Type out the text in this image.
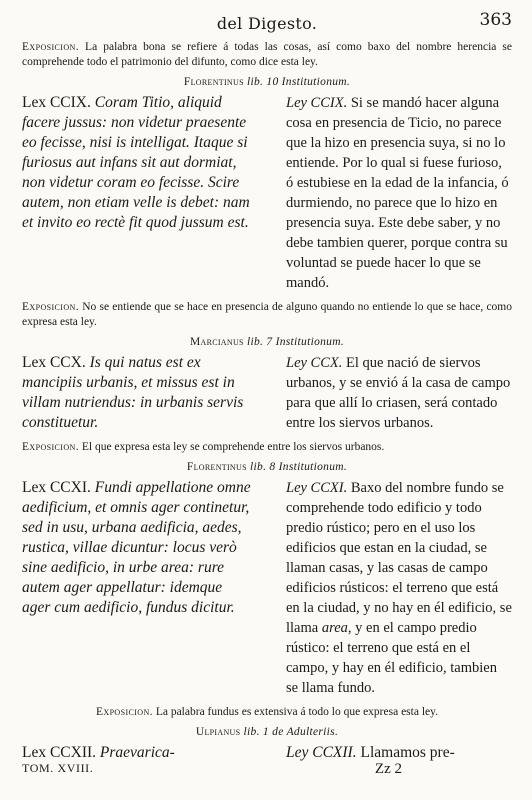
del Digesto.	363

Exposicion. La palabra bona se refiere á todas las cosas, así como baxo del nombre herencia se comprehende todo el patrimonio del difunto, como dice esta ley.

Florentinus lib. 10 Institutionum.
Lex CCIX. Coram Titio, aliquid facere jussus: non videtur praesente eo fecisse, nisi is intelligat. Itaque si furiosus aut infans sit aut dormiat, non videtur coram eo fecisse. Scire autem, non etiam velle is debet: nam et invito eo rectè fit quod jussum est.
Ley CCIX. Si se mandó hacer alguna cosa en presencia de Ticio, no parece que la hizo en presencia suya, si no lo entiende. Por lo qual si fuese furioso, ó estubiese en la edad de la infancia, ó durmiendo, no parece que lo hizo en presencia suya. Este debe saber, y no debe tambien querer, porque contra su voluntad se puede hacer lo que se mandó.

Exposicion. No se entiende que se hace en presencia de alguno quando no entiende lo que se hace, como expresa esta ley.

Marcianus lib. 7 Institutionum.
Lex CCX. Is qui natus est ex mancipiis urbanis, et missus est in villam nutriendus: in urbanis servis constituetur.
Ley CCX. El que nació de siervos urbanos, y se envió á la casa de campo para que allí lo criasen, será contado entre los siervos urbanos.

Exposicion. El que expresa esta ley se comprehende entre los siervos urbanos.

Florentinus lib. 8 Institutionum.
Lex CCXI. Fundi appellatione omne aedificium, et omnis ager continetur, sed in usu, urbana aedificia, aedes, rustica, villae dicuntur: locus verò sine aedificio, in urbe area: rure autem ager appellatur: idemque ager cum aedificio, fundus dicitur.
Ley CCXI. Baxo del nombre fundo se comprehende todo edificio y todo predio rústico; pero en el uso los edificios que estan en la ciudad, se llaman casas, y las casas de campo edificios rústicos: el terreno que está en la ciudad, y no hay en él edificio, se llama area, y en el campo predio rústico: el terreno que está en el campo, y hay en él edificio, tambien se llama fundo.

Exposicion. La palabra fundus es extensiva á todo lo que expresa esta ley.

Ulpianus lib. 1 de Adulteriis.
Lex CCXII. Praevarica-	Ley CCXII. Llamamos pre-
TOM. XVIII.	Zz 2
